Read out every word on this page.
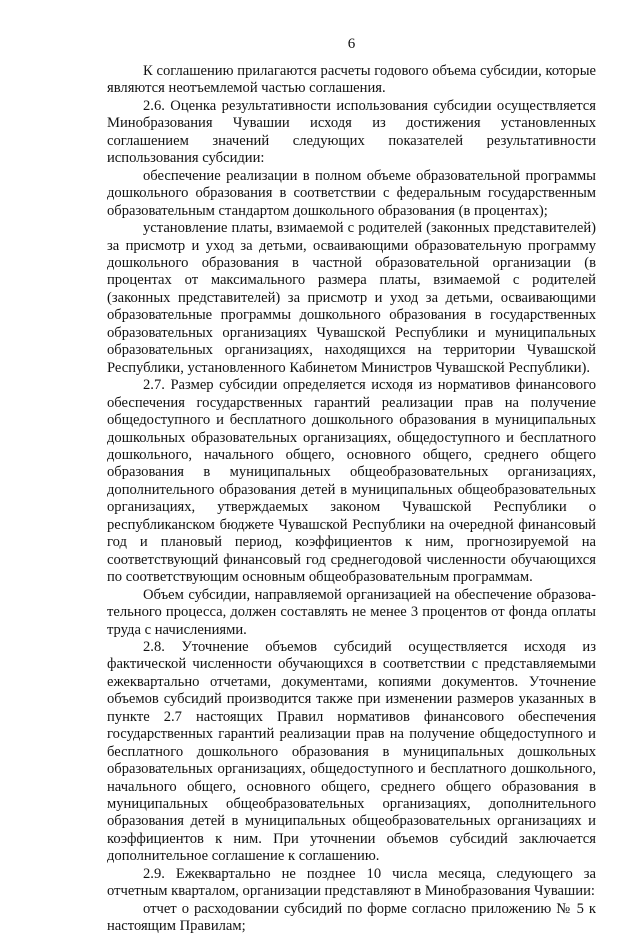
6

К соглашению прилагаются расчеты годового объема субсидии, которые являются неотъемлемой частью соглашения.

2.6. Оценка результативности использования субсидии осуществляется Минобразования Чувашии исходя из достижения установленных соглашением значений следующих показателей результативности использования субсидии:

обеспечение реализации в полном объеме образовательной программы дошкольного образования в соответствии с федеральным государственным образовательным стандартом дошкольного образования (в процентах);

установление платы, взимаемой с родителей (законных представителей) за присмотр и уход за детьми, осваивающими образовательную программу дошкольного образования в частной образовательной организации (в процентах от максимального размера платы, взимаемой с родителей (законных представителей) за присмотр и уход за детьми, осваивающими образовательные программы дошкольного образования в государственных образовательных организациях Чувашской Республики и муниципальных образовательных организациях, находящихся на территории Чувашской Республики, установленного Кабинетом Министров Чувашской Республики).

2.7. Размер субсидии определяется исходя из нормативов финансового обеспечения государственных гарантий реализации прав на получение общедоступного и бесплатного дошкольного образования в муниципальных дошкольных образовательных организациях, общедоступного и бесплатного дошкольного, начального общего, основного общего, среднего общего образования в муниципальных общеобразовательных организациях, дополнительного образования детей в муниципальных общеобразовательных организациях, утверждаемых законом Чувашской Республики о республиканском бюджете Чувашской Республики на очередной финансовый год и плановый период, коэффициентов к ним, прогнозируемой на соответствующий финансовый год среднегодовой численности обучающихся по соответствующим основным общеобразовательным программам.

Объем субсидии, направляемой организацией на обеспечение образовательного процесса, должен составлять не менее 3 процентов от фонда оплаты труда с начислениями.

2.8. Уточнение объемов субсидий осуществляется исходя из фактической численности обучающихся в соответствии с представляемыми ежеквартально отчетами, документами, копиями документов. Уточнение объемов субсидий производится также при изменении размеров указанных в пункте 2.7 настоящих Правил нормативов финансового обеспечения государственных гарантий реализации прав на получение общедоступного и бесплатного дошкольного образования в муниципальных дошкольных образовательных организациях, общедоступного и бесплатного дошкольного, начального общего, основного общего, среднего общего образования в муниципальных общеобразовательных организациях, дополнительного образования детей в муниципальных общеобразовательных организациях и коэффициентов к ним. При уточнении объемов субсидий заключается дополнительное соглашение к соглашению.

2.9. Ежеквартально не позднее 10 числа месяца, следующего за отчетным кварталом, организации представляют в Минобразования Чувашии:

отчет о расходовании субсидий по форме согласно приложению № 5 к настоящим Правилам;
